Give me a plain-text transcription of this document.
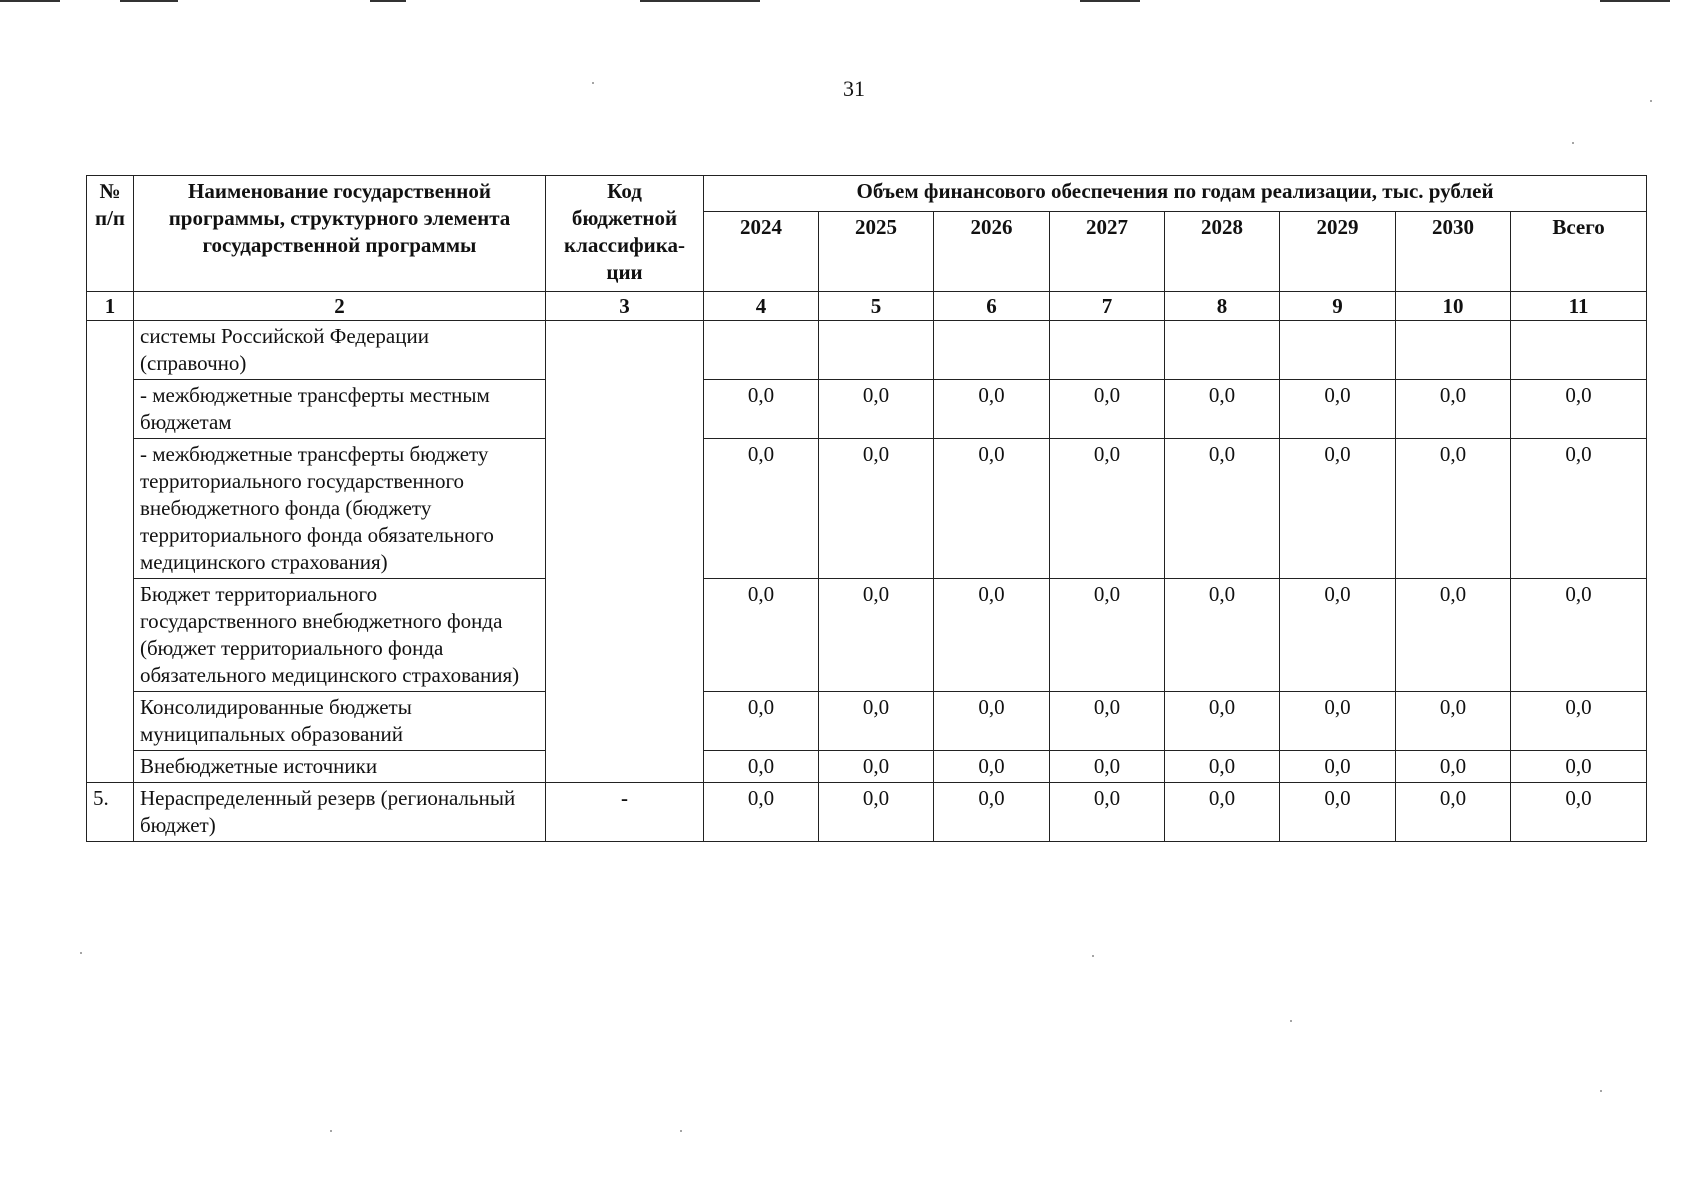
31
№ п/п	Наименование государственной программы, структурного элемента государственной программы	Код бюджетной классифика-ции	Объем финансового обеспечения по годам реализации, тыс. рублей							
			2024	2025	2026	2027	2028	2029	2030	Всего
1	2	3	4	5	6	7	8	9	10	11
	системы Российской Федерации (справочно)									
	- межбюджетные трансферты местным бюджетам		0,0	0,0	0,0	0,0	0,0	0,0	0,0	0,0
	- межбюджетные трансферты бюджету территориального государственного внебюджетного фонда (бюджету территориального фонда обязательного медицинского страхования)		0,0	0,0	0,0	0,0	0,0	0,0	0,0	0,0
	Бюджет территориального государственного внебюджетного фонда (бюджет территориального фонда обязательного медицинского страхования)		0,0	0,0	0,0	0,0	0,0	0,0	0,0	0,0
	Консолидированные бюджеты муниципальных образований		0,0	0,0	0,0	0,0	0,0	0,0	0,0	0,0
	Внебюджетные источники		0,0	0,0	0,0	0,0	0,0	0,0	0,0	0,0
5.	Нераспределенный резерв (региональный бюджет)	-	0,0	0,0	0,0	0,0	0,0	0,0	0,0	0,0
